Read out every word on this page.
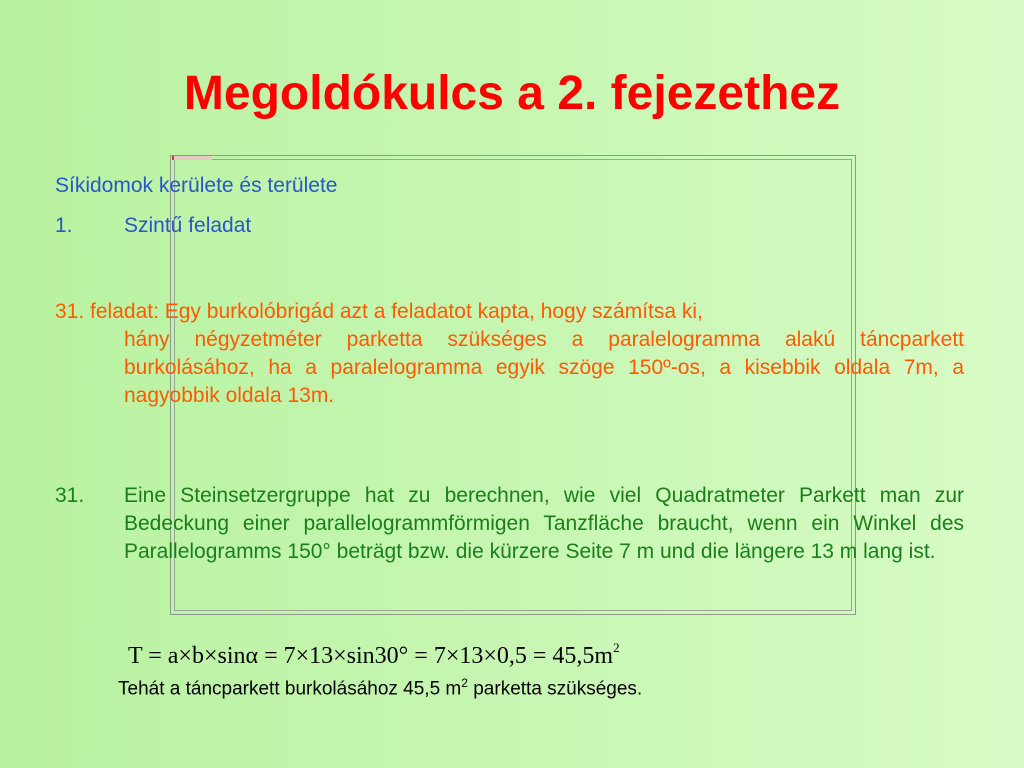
Megoldókulcs a 2. fejezethez
Síkidomok kerülete és területe
1. Szintű feladat
31. feladat: Egy burkolóbrigád azt a feladatot kapta, hogy számítsa ki,
hány négyzetméter parketta szükséges a paralelogramma alakú táncparkett burkolásához, ha a paralelogramma egyik szöge 150º-os, a kisebbik oldala 7m, a nagyobbik oldala 13m.
31. Eine Steinsetzergruppe hat zu berechnen, wie viel Quadratmeter Parkett man zur Bedeckung einer parallelogrammförmigen Tanzfläche braucht, wenn ein Winkel des Parallelogramms 150° beträgt bzw. die kürzere Seite 7 m und die längere 13 m lang ist.
$T = a\times b\times\sin\alpha = 7\times 13\times\sin 30^\circ = 7\times 13\times 0,5 = 45,5m^2$
Tehát a táncparkett burkolásához 45,5 $m^2$ parketta szükséges.
